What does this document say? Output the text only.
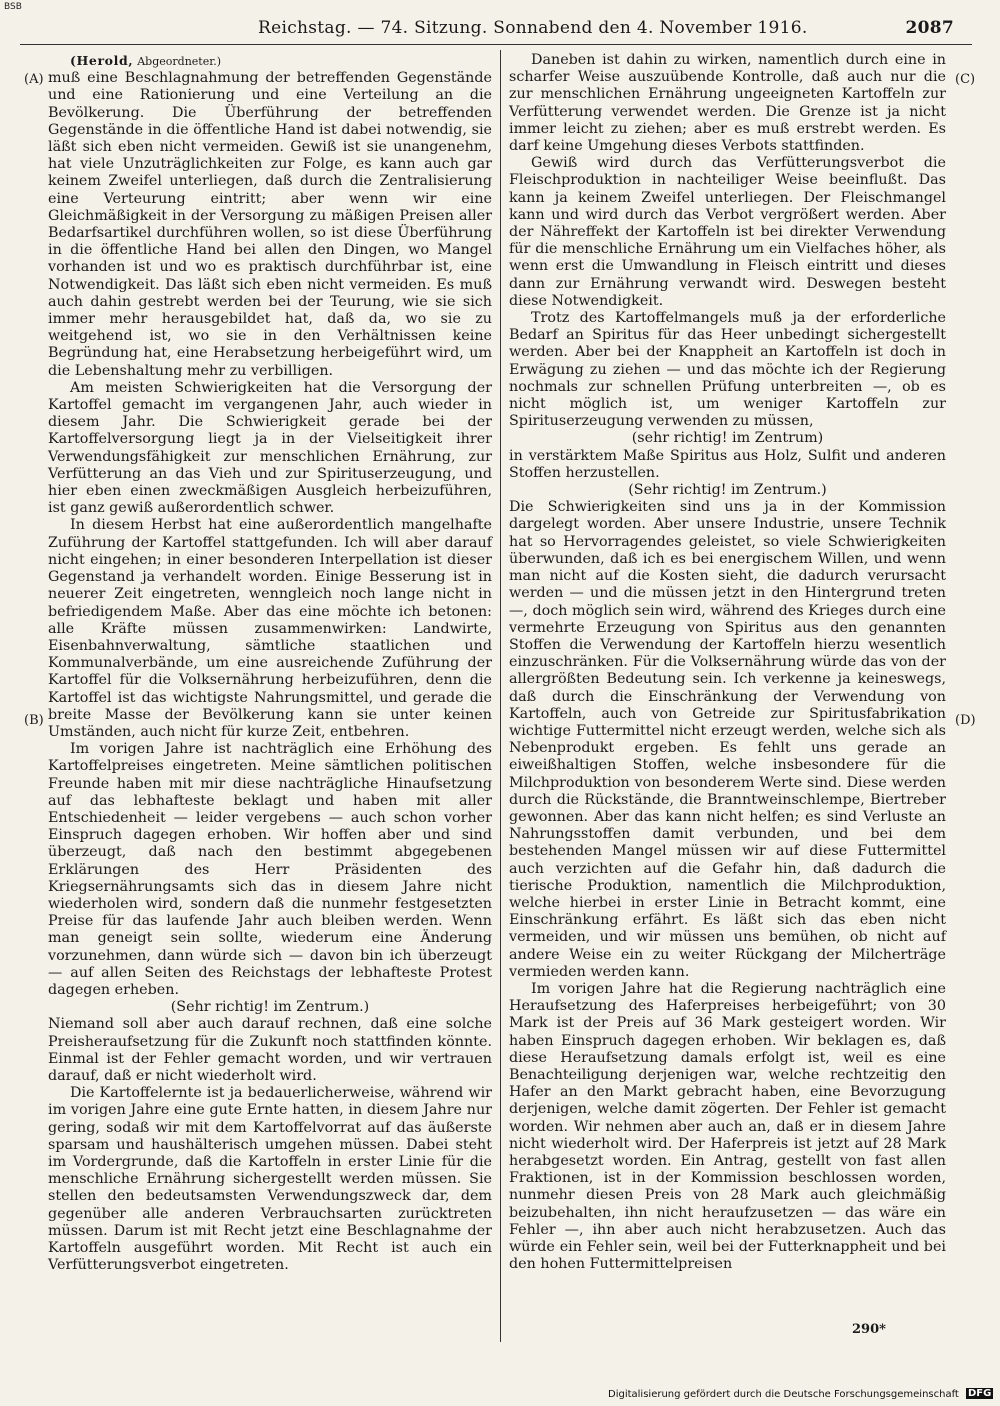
BSB
Reichstag. — 74. Sitzung. Sonnabend den 4. November 1916.	2087
(A)
(B)
(C)
(D)

(Herold, Abgeordneter.)

muß eine Beschlagnahmung der betreffenden Gegenstände und eine Rationierung und eine Verteilung an die Bevölkerung. Die Überführung der betreffenden Gegenstände in die öffentliche Hand ist dabei notwendig, sie läßt sich eben nicht vermeiden. Gewiß ist sie unangenehm, hat viele Unzuträglichkeiten zur Folge, es kann auch gar keinem Zweifel unterliegen, daß durch die Zentralisierung eine Verteurung eintritt; aber wenn wir eine Gleichmäßigkeit in der Versorgung zu mäßigen Preisen aller Bedarfsartikel durchführen wollen, so ist diese Überführung in die öffentliche Hand bei allen den Dingen, wo Mangel vorhanden ist und wo es praktisch durchführbar ist, eine Notwendigkeit. Das läßt sich eben nicht vermeiden. Es muß auch dahin gestrebt werden bei der Teurung, wie sie sich immer mehr herausgebildet hat, daß da, wo sie zu weitgehend ist, wo sie in den Verhältnissen keine Begründung hat, eine Herabsetzung herbeigeführt wird, um die Lebenshaltung mehr zu verbilligen.

Am meisten Schwierigkeiten hat die Versorgung der Kartoffel gemacht im vergangenen Jahr, auch wieder in diesem Jahr. Die Schwierigkeit gerade bei der Kartoffelversorgung liegt ja in der Vielseitigkeit ihrer Verwendungsfähigkeit zur menschlichen Ernährung, zur Verfütterung an das Vieh und zur Spirituserzeugung, und hier eben einen zweckmäßigen Ausgleich herbeizuführen, ist ganz gewiß außerordentlich schwer.

In diesem Herbst hat eine außerordentlich mangelhafte Zuführung der Kartoffel stattgefunden. Ich will aber darauf nicht eingehen; in einer besonderen Interpellation ist dieser Gegenstand ja verhandelt worden. Einige Besserung ist in neuerer Zeit eingetreten, wenngleich noch lange nicht in befriedigendem Maße. Aber das eine möchte ich betonen: alle Kräfte müssen zusammenwirken: Landwirte, Eisenbahnverwaltung, sämtliche staatlichen und Kommunalverbände, um eine ausreichende Zuführung der Kartoffel für die Volksernährung herbeizuführen, denn die Kartoffel ist das wichtigste Nahrungsmittel, und gerade die breite Masse der Bevölkerung kann sie unter keinen Umständen, auch nicht für kurze Zeit, entbehren.

Im vorigen Jahre ist nachträglich eine Erhöhung des Kartoffelpreises eingetreten. Meine sämtlichen politischen Freunde haben mit mir diese nachträgliche Hinaufsetzung auf das lebhafteste beklagt und haben mit aller Entschiedenheit — leider vergebens — auch schon vorher Einspruch dagegen erhoben. Wir hoffen aber und sind überzeugt, daß nach den bestimmt abgegebenen Erklärungen des Herr Präsidenten des Kriegsernährungsamts sich das in diesem Jahre nicht wiederholen wird, sondern daß die nunmehr festgesetzten Preise für das laufende Jahr auch bleiben werden. Wenn man geneigt sein sollte, wiederum eine Änderung vorzunehmen, dann würde sich — davon bin ich überzeugt — auf allen Seiten des Reichstags der lebhafteste Protest dagegen erheben.

(Sehr richtig! im Zentrum.)

Niemand soll aber auch darauf rechnen, daß eine solche Preisheraufsetzung für die Zukunft noch stattfinden könnte. Einmal ist der Fehler gemacht worden, und wir vertrauen darauf, daß er nicht wiederholt wird.

Die Kartoffelernte ist ja bedauerlicherweise, während wir im vorigen Jahre eine gute Ernte hatten, in diesem Jahre nur gering, sodaß wir mit dem Kartoffelvorrat auf das äußerste sparsam und haushälterisch umgehen müssen. Dabei steht im Vordergrunde, daß die Kartoffeln in erster Linie für die menschliche Ernährung sichergestellt werden müssen. Sie stellen den bedeutsamsten Verwendungszweck dar, dem gegenüber alle anderen Verbrauchsarten zurücktreten müssen. Darum ist mit Recht jetzt eine Beschlagnahme der Kartoffeln ausgeführt worden. Mit Recht ist auch ein Verfütterungsverbot eingetreten.

Daneben ist dahin zu wirken, namentlich durch eine in scharfer Weise auszuübende Kontrolle, daß auch nur die zur menschlichen Ernährung ungeeigneten Kartoffeln zur Verfütterung verwendet werden. Die Grenze ist ja nicht immer leicht zu ziehen; aber es muß erstrebt werden. Es darf keine Umgehung dieses Verbots stattfinden.

Gewiß wird durch das Verfütterungsverbot die Fleischproduktion in nachteiliger Weise beeinflußt. Das kann ja keinem Zweifel unterliegen. Der Fleischmangel kann und wird durch das Verbot vergrößert werden. Aber der Nähreffekt der Kartoffeln ist bei direkter Verwendung für die menschliche Ernährung um ein Vielfaches höher, als wenn erst die Umwandlung in Fleisch eintritt und dieses dann zur Ernährung verwandt wird. Deswegen besteht diese Notwendigkeit.

Trotz des Kartoffelmangels muß ja der erforderliche Bedarf an Spiritus für das Heer unbedingt sichergestellt werden. Aber bei der Knappheit an Kartoffeln ist doch in Erwägung zu ziehen — und das möchte ich der Regierung nochmals zur schnellen Prüfung unterbreiten —, ob es nicht möglich ist, um weniger Kartoffeln zur Spirituserzeugung verwenden zu müssen,

(sehr richtig! im Zentrum)

in verstärktem Maße Spiritus aus Holz, Sulfit und anderen Stoffen herzustellen.

(Sehr richtig! im Zentrum.)

Die Schwierigkeiten sind uns ja in der Kommission dargelegt worden. Aber unsere Industrie, unsere Technik hat so Hervorragendes geleistet, so viele Schwierigkeiten überwunden, daß ich es bei energischem Willen, und wenn man nicht auf die Kosten sieht, die dadurch verursacht werden — und die müssen jetzt in den Hintergrund treten —, doch möglich sein wird, während des Krieges durch eine vermehrte Erzeugung von Spiritus aus den genannten Stoffen die Verwendung der Kartoffeln hierzu wesentlich einzuschränken. Für die Volksernährung würde das von der allergrößten Bedeutung sein. Ich verkenne ja keineswegs, daß durch die Einschränkung der Verwendung von Kartoffeln, auch von Getreide zur Spiritusfabrikation wichtige Futtermittel nicht erzeugt werden, welche sich als Nebenprodukt ergeben. Es fehlt uns gerade an eiweißhaltigen Stoffen, welche insbesondere für die Milchproduktion von besonderem Werte sind. Diese werden durch die Rückstände, die Branntweinschlempe, Biertreber gewonnen. Aber das kann nicht helfen; es sind Verluste an Nahrungsstoffen damit verbunden, und bei dem bestehenden Mangel müssen wir auf diese Futtermittel auch verzichten auf die Gefahr hin, daß dadurch die tierische Produktion, namentlich die Milchproduktion, welche hierbei in erster Linie in Betracht kommt, eine Einschränkung erfährt. Es läßt sich das eben nicht vermeiden, und wir müssen uns bemühen, ob nicht auf andere Weise ein zu weiter Rückgang der Milcherträge vermieden werden kann.

Im vorigen Jahre hat die Regierung nachträglich eine Heraufsetzung des Haferpreises herbeigeführt; von 30 Mark ist der Preis auf 36 Mark gesteigert worden. Wir haben Einspruch dagegen erhoben. Wir beklagen es, daß diese Heraufsetzung damals erfolgt ist, weil es eine Benachteiligung derjenigen war, welche rechtzeitig den Hafer an den Markt gebracht haben, eine Bevorzugung derjenigen, welche damit zögerten. Der Fehler ist gemacht worden. Wir nehmen aber auch an, daß er in diesem Jahre nicht wiederholt wird. Der Haferpreis ist jetzt auf 28 Mark herabgesetzt worden. Ein Antrag, gestellt von fast allen Fraktionen, ist in der Kommission beschlossen worden, nunmehr diesen Preis von 28 Mark auch gleichmäßig beizubehalten, ihn nicht heraufzusetzen — das wäre ein Fehler —, ihn aber auch nicht herabzusetzen. Auch das würde ein Fehler sein, weil bei der Futterknappheit und bei den hohen Futtermittelpreisen

290*
Digitalisierung gefördert durch die Deutsche Forschungsgemeinschaft DFG
